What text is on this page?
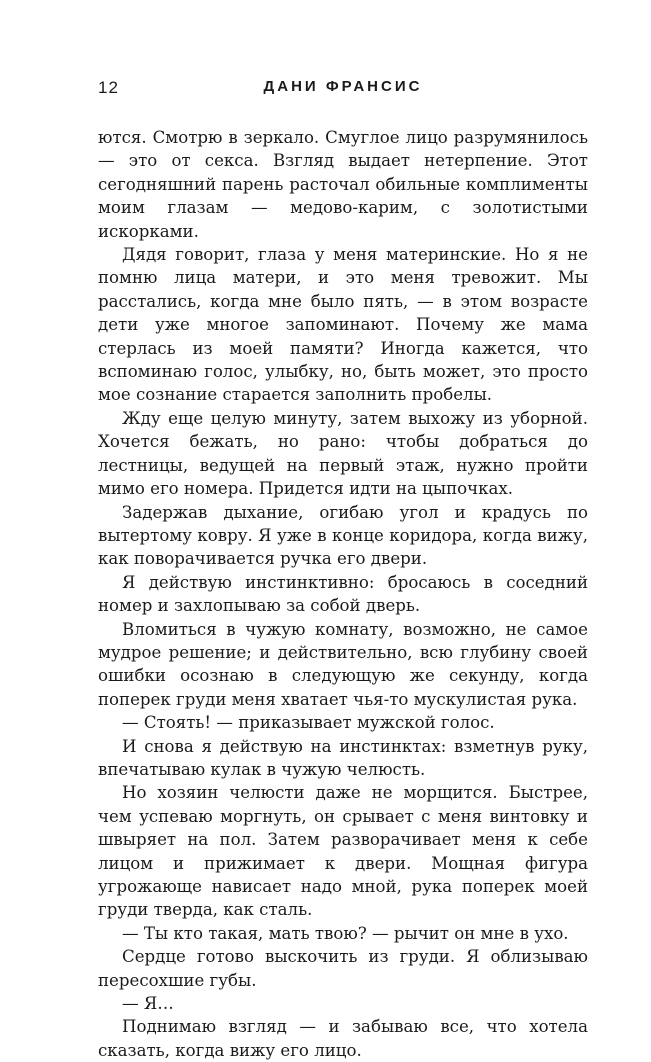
12	ДАНИ ФРАНСИС

ются. Смотрю в зеркало. Смуглое лицо разрумянилось — это от секса. Взгляд выдает нетерпение. Этот сегодняшний парень расточал обильные комплименты моим глазам — медово-карим, с золотистыми искорками.

Дядя говорит, глаза у меня материнские. Но я не помню лица матери, и это меня тревожит. Мы расстались, когда мне было пять, — в этом возрасте дети уже многое запоминают. Почему же мама стерлась из моей памяти? Иногда кажется, что вспоминаю голос, улыбку, но, быть может, это просто мое сознание старается заполнить пробелы.

Жду еще целую минуту, затем выхожу из уборной. Хочется бежать, но рано: чтобы добраться до лестницы, ведущей на первый этаж, нужно пройти мимо его номера. Придется идти на цыпочках.

Задержав дыхание, огибаю угол и крадусь по вытертому ковру. Я уже в конце коридора, когда вижу, как поворачивается ручка его двери.

Я действую инстинктивно: бросаюсь в соседний номер и захлопываю за собой дверь.

Вломиться в чужую комнату, возможно, не самое мудрое решение; и действительно, всю глубину своей ошибки осознаю в следующую же секунду, когда поперек груди меня хватает чья-то мускулистая рука.

— Стоять! — приказывает мужской голос.

И снова я действую на инстинктах: взметнув руку, впечатываю кулак в чужую челюсть.

Но хозяин челюсти даже не морщится. Быстрее, чем успеваю моргнуть, он срывает с меня винтовку и швыряет на пол. Затем разворачивает меня к себе лицом и прижимает к двери. Мощная фигура угрожающе нависает надо мной, рука поперек моей груди тверда, как сталь.

— Ты кто такая, мать твою? — рычит он мне в ухо.

Сердце готово выскочить из груди. Я облизываю пересохшие губы.

— Я…

Поднимаю взгляд — и забываю все, что хотела сказать, когда вижу его лицо.
